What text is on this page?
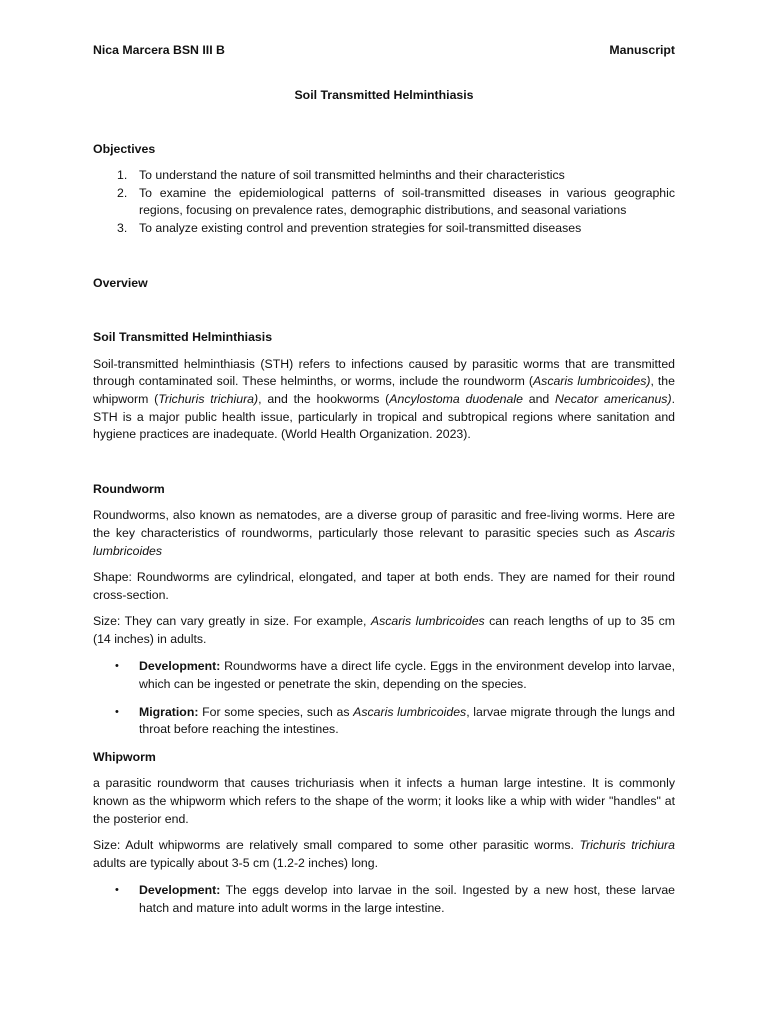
Nica Marcera BSN III B	Manuscript
Soil Transmitted Helminthiasis
Objectives
1. To understand the nature of soil transmitted helminths and their characteristics
2. To examine the epidemiological patterns of soil-transmitted diseases in various geographic regions, focusing on prevalence rates, demographic distributions, and seasonal variations
3. To analyze existing control and prevention strategies for soil-transmitted diseases
Overview
Soil Transmitted Helminthiasis
Soil-transmitted helminthiasis (STH) refers to infections caused by parasitic worms that are transmitted through contaminated soil. These helminths, or worms, include the roundworm (Ascaris lumbricoides), the whipworm (Trichuris trichiura), and the hookworms (Ancylostoma duodenale and Necator americanus). STH is a major public health issue, particularly in tropical and subtropical regions where sanitation and hygiene practices are inadequate. (World Health Organization. 2023).
Roundworm
Roundworms, also known as nematodes, are a diverse group of parasitic and free-living worms. Here are the key characteristics of roundworms, particularly those relevant to parasitic species such as Ascaris lumbricoides
Shape: Roundworms are cylindrical, elongated, and taper at both ends. They are named for their round cross-section.
Size: They can vary greatly in size. For example, Ascaris lumbricoides can reach lengths of up to 35 cm (14 inches) in adults.
• Development: Roundworms have a direct life cycle. Eggs in the environment develop into larvae, which can be ingested or penetrate the skin, depending on the species.
• Migration: For some species, such as Ascaris lumbricoides, larvae migrate through the lungs and throat before reaching the intestines.
Whipworm
a parasitic roundworm that causes trichuriasis when it infects a human large intestine. It is commonly known as the whipworm which refers to the shape of the worm; it looks like a whip with wider "handles" at the posterior end.
Size: Adult whipworms are relatively small compared to some other parasitic worms. Trichuris trichiura adults are typically about 3-5 cm (1.2-2 inches) long.
• Development: The eggs develop into larvae in the soil. Ingested by a new host, these larvae hatch and mature into adult worms in the large intestine.
